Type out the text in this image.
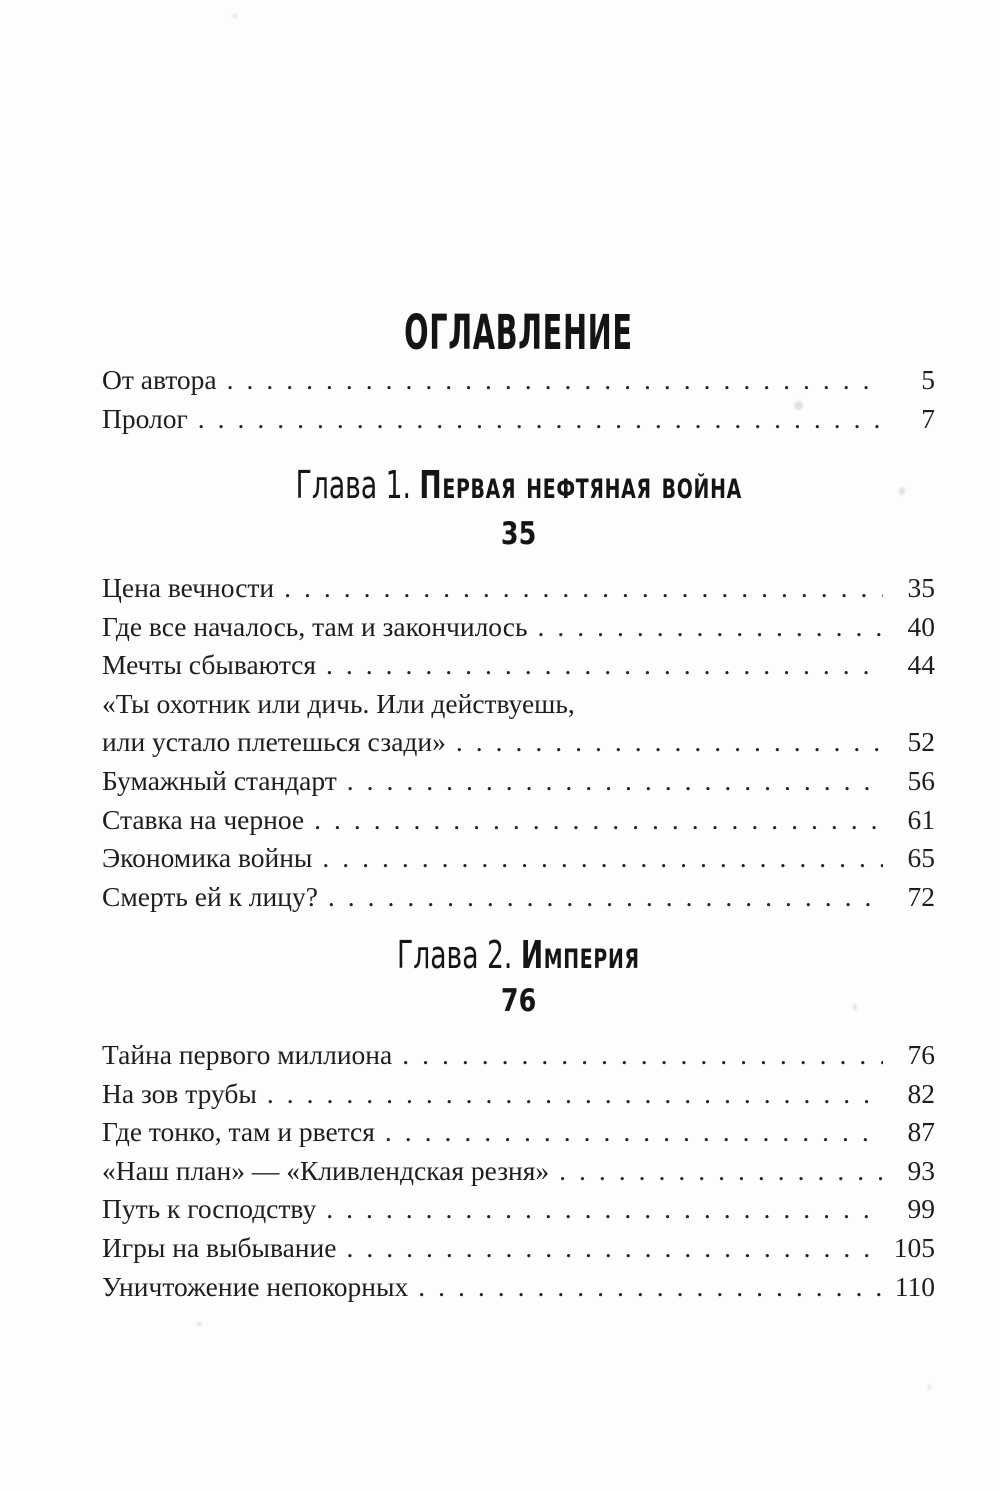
ОГЛАВЛЕНИЕ
От автора .....	5
Пролог .....	7
Глава 1. Первая нефтяная война
35
Цена вечности .....	35
Где все началось, там и закончилось .....	40
Мечты сбываются .....	44
«Ты охотник или дичь. Или действуешь,
или устало плетешься сзади» .....	52
Бумажный стандарт .....	56
Ставка на черное .....	61
Экономика войны .....	65
Смерть ей к лицу? .....	72
Глава 2. Империя
76
Тайна первого миллиона .....	76
На зов трубы .....	82
Где тонко, там и рвется .....	87
«Наш план» — «Кливлендская резня» .....	93
Путь к господству .....	99
Игры на выбывание .....	105
Уничтожение непокорных .....	110
